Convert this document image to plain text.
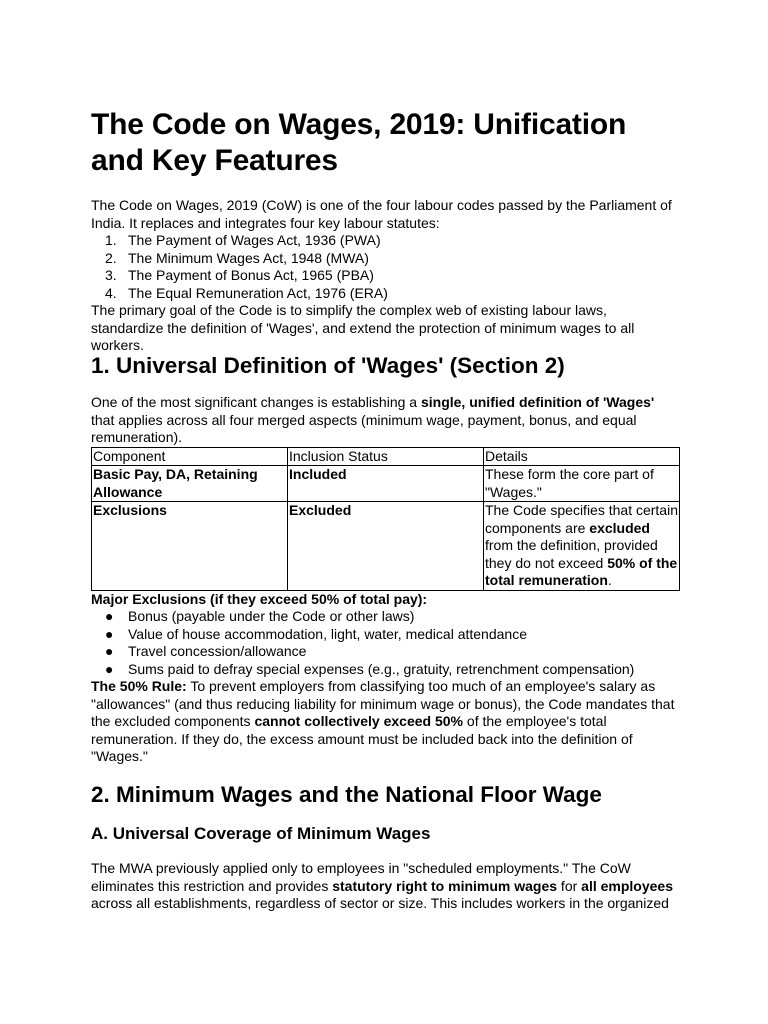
The Code on Wages, 2019: Unification and Key Features

The Code on Wages, 2019 (CoW) is one of the four labour codes passed by the Parliament of India. It replaces and integrates four key labour statutes:

1. The Payment of Wages Act, 1936 (PWA)
2. The Minimum Wages Act, 1948 (MWA)
3. The Payment of Bonus Act, 1965 (PBA)
4. The Equal Remuneration Act, 1976 (ERA)

The primary goal of the Code is to simplify the complex web of existing labour laws, standardize the definition of 'Wages', and extend the protection of minimum wages to all workers.

1. Universal Definition of 'Wages' (Section 2)

One of the most significant changes is establishing a single, unified definition of 'Wages' that applies across all four merged aspects (minimum wage, payment, bonus, and equal remuneration).

Component	Inclusion Status	Details
Basic Pay, DA, Retaining Allowance	Included	These form the core part of "Wages."
Exclusions	Excluded	The Code specifies that certain components are excluded from the definition, provided they do not exceed 50% of the total remuneration.

Major Exclusions (if they exceed 50% of total pay):

● Bonus (payable under the Code or other laws)
● Value of house accommodation, light, water, medical attendance
● Travel concession/allowance
● Sums paid to defray special expenses (e.g., gratuity, retrenchment compensation)

The 50% Rule: To prevent employers from classifying too much of an employee's salary as "allowances" (and thus reducing liability for minimum wage or bonus), the Code mandates that the excluded components cannot collectively exceed 50% of the employee's total remuneration. If they do, the excess amount must be included back into the definition of "Wages."

2. Minimum Wages and the National Floor Wage
A. Universal Coverage of Minimum Wages

The MWA previously applied only to employees in "scheduled employments." The CoW eliminates this restriction and provides statutory right to minimum wages for all employees across all establishments, regardless of sector or size. This includes workers in the organized
